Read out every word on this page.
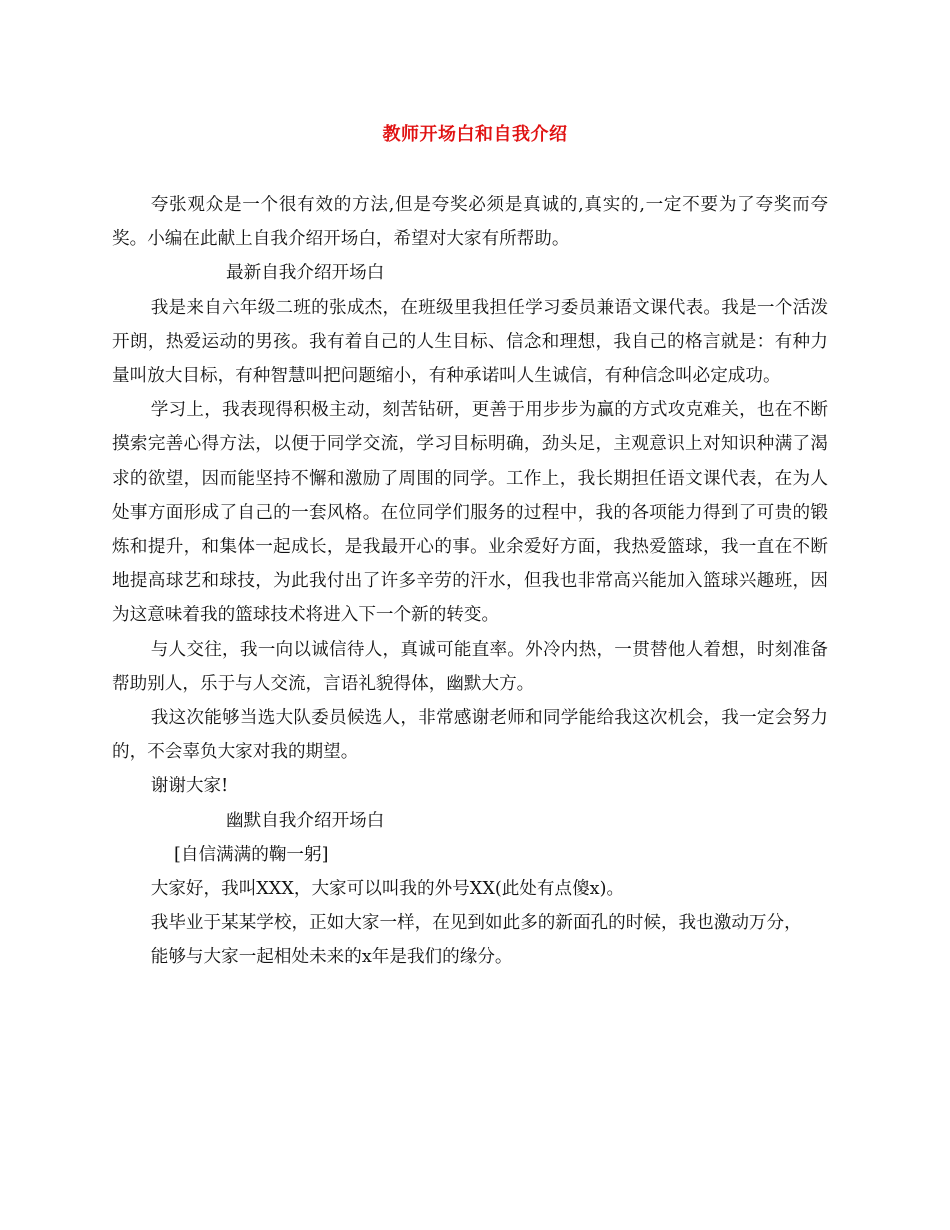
教师开场白和自我介绍

夸张观众是一个很有效的方法,但是夸奖必须是真诚的,真实的,一定不要为了夸奖而夸奖。小编在此献上自我介绍开场白，希望对大家有所帮助。

最新自我介绍开场白

我是来自六年级二班的张成杰，在班级里我担任学习委员兼语文课代表。我是一个活泼开朗，热爱运动的男孩。我有着自己的人生目标、信念和理想，我自己的格言就是：有种力量叫放大目标，有种智慧叫把问题缩小，有种承诺叫人生诚信，有种信念叫必定成功。

学习上，我表现得积极主动，刻苦钻研，更善于用步步为赢的方式攻克难关，也在不断摸索完善心得方法，以便于同学交流，学习目标明确，劲头足，主观意识上对知识种满了渴求的欲望，因而能坚持不懈和激励了周围的同学。工作上，我长期担任语文课代表，在为人处事方面形成了自己的一套风格。在位同学们服务的过程中，我的各项能力得到了可贵的锻炼和提升，和集体一起成长，是我最开心的事。业余爱好方面，我热爱篮球，我一直在不断地提高球艺和球技，为此我付出了许多辛劳的汗水，但我也非常高兴能加入篮球兴趣班，因为这意味着我的篮球技术将进入下一个新的转变。

与人交往，我一向以诚信待人，真诚可能直率。外冷内热，一贯替他人着想，时刻准备帮助别人，乐于与人交流，言语礼貌得体，幽默大方。

我这次能够当选大队委员候选人，非常感谢老师和同学能给我这次机会，我一定会努力的，不会辜负大家对我的期望。

谢谢大家!

幽默自我介绍开场白

[自信满满的鞠一躬]

大家好，我叫XXX，大家可以叫我的外号XX(此处有点傻x)。

我毕业于某某学校，正如大家一样，在见到如此多的新面孔的时候，我也激动万分，

能够与大家一起相处未来的x年是我们的缘分。
